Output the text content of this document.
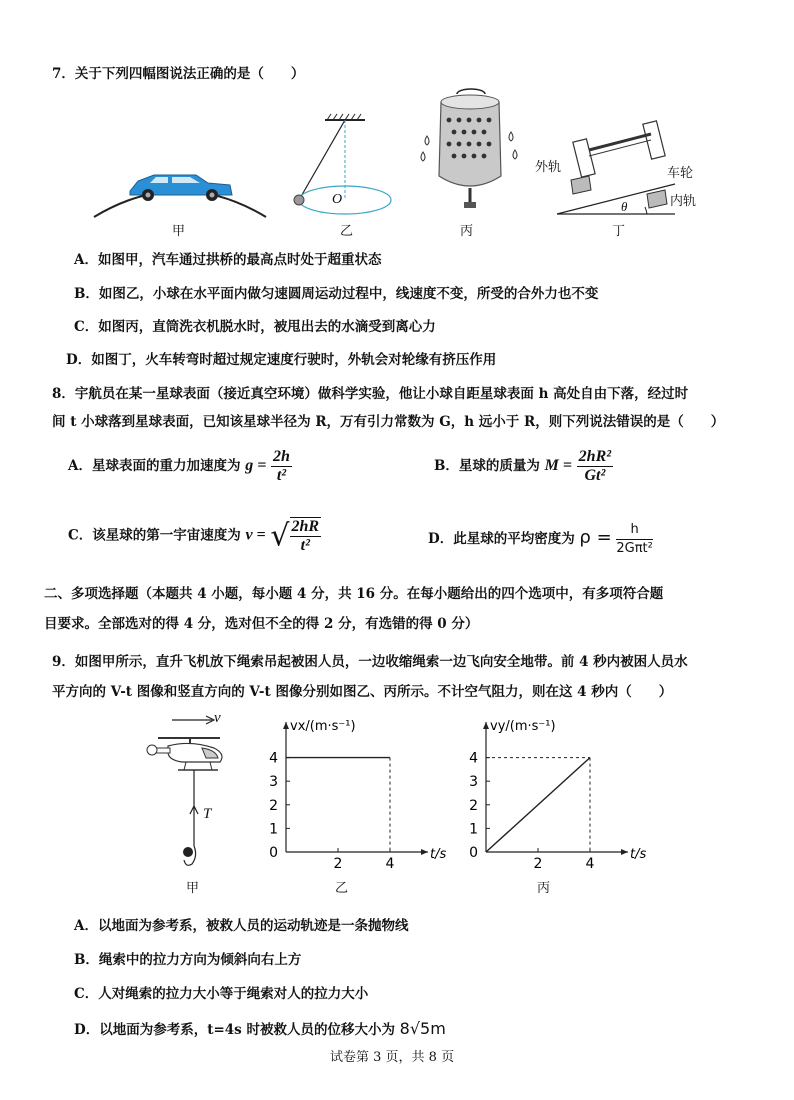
7．关于下列四幅图说法正确的是（　　）
甲
O
乙	丙
外轨	车轮
内轨
θ
丁
A．如图甲，汽车通过拱桥的最高点时处于超重状态
B．如图乙，小球在水平面内做匀速圆周运动过程中，线速度不变，所受的合外力也不变
C．如图丙，直筒洗衣机脱水时，被甩出去的水滴受到离心力
D．如图丁，火车转弯时超过规定速度行驶时，外轨会对轮缘有挤压作用
8．宇航员在某一星球表面（接近真空环境）做科学实验，他让小球自距星球表面 h 高处自由下落，经过时
间 t 小球落到星球表面，已知该星球半径为 R，万有引力常数为 G，h 远小于 R，则下列说法错误的是（　　）
A．星球表面的重力加速度为 $g = \frac{2h}{\text{t²}}$	B．星球的质量为 $M = \frac{\text{2hR²}}{\text{Gt²}}$
C．该星球的第一宇宙速度为 v = √ $\frac{2hR}{\text{t²}}$	D．此星球的平均密度为 $\rho = \frac{h}{\text{2Gπt²}}$
二、多项选择题（本题共 4 小题，每小题 4 分，共 16 分。在每小题给出的四个选项中，有多项符合题
目要求。全部选对的得 4 分，选对但不全的得 2 分，有选错的得 0 分）
9．如图甲所示，直升飞机放下绳索吊起被困人员，一边收缩绳索一边飞向安全地带。前 4 秒内被困人员水
平方向的 V-t 图像和竖直方向的 V-t 图像分别如图乙、丙所示。不计空气阻力，则在这 4 秒内（　　）
v
T
甲
0
1
2
3
4
2	4
vx/(m·s⁻¹)
t/s
乙
0
1
2
3
4
2	4
vy/(m·s⁻¹)
t/s
丙
A．以地面为参考系，被救人员的运动轨迹是一条抛物线
B．绳索中的拉力方向为倾斜向右上方
C．人对绳索的拉力大小等于绳索对人的拉力大小
D．以地面为参考系，t=4s 时被救人员的位移大小为 8√5m
试卷第 3 页，共 8 页
